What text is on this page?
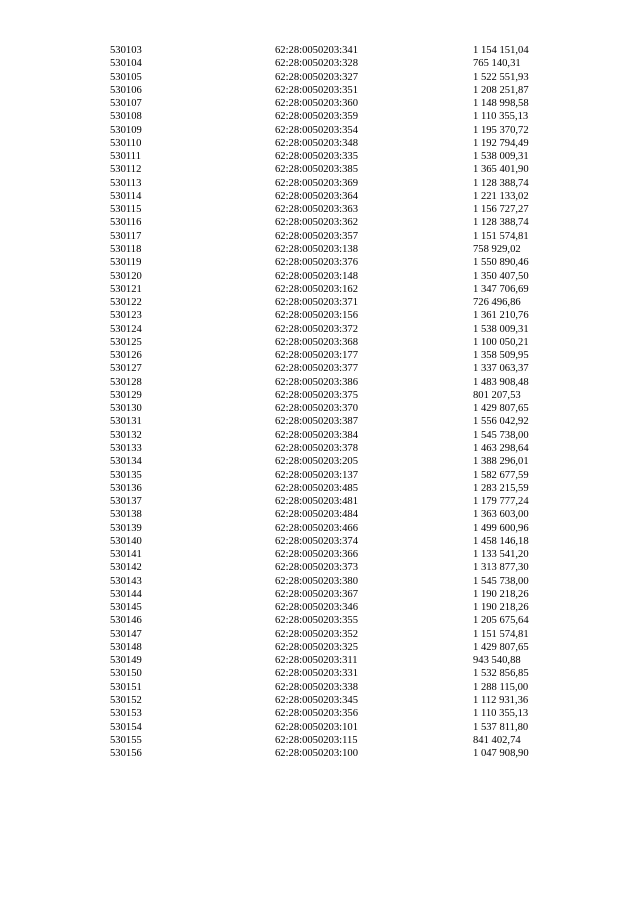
530103	62:28:0050203:341	1 154 151,04
530104	62:28:0050203:328	765 140,31
530105	62:28:0050203:327	1 522 551,93
530106	62:28:0050203:351	1 208 251,87
530107	62:28:0050203:360	1 148 998,58
530108	62:28:0050203:359	1 110 355,13
530109	62:28:0050203:354	1 195 370,72
530110	62:28:0050203:348	1 192 794,49
530111	62:28:0050203:335	1 538 009,31
530112	62:28:0050203:385	1 365 401,90
530113	62:28:0050203:369	1 128 388,74
530114	62:28:0050203:364	1 221 133,02
530115	62:28:0050203:363	1 156 727,27
530116	62:28:0050203:362	1 128 388,74
530117	62:28:0050203:357	1 151 574,81
530118	62:28:0050203:138	758 929,02
530119	62:28:0050203:376	1 550 890,46
530120	62:28:0050203:148	1 350 407,50
530121	62:28:0050203:162	1 347 706,69
530122	62:28:0050203:371	726 496,86
530123	62:28:0050203:156	1 361 210,76
530124	62:28:0050203:372	1 538 009,31
530125	62:28:0050203:368	1 100 050,21
530126	62:28:0050203:177	1 358 509,95
530127	62:28:0050203:377	1 337 063,37
530128	62:28:0050203:386	1 483 908,48
530129	62:28:0050203:375	801 207,53
530130	62:28:0050203:370	1 429 807,65
530131	62:28:0050203:387	1 556 042,92
530132	62:28:0050203:384	1 545 738,00
530133	62:28:0050203:378	1 463 298,64
530134	62:28:0050203:205	1 388 296,01
530135	62:28:0050203:137	1 582 677,59
530136	62:28:0050203:485	1 283 215,59
530137	62:28:0050203:481	1 179 777,24
530138	62:28:0050203:484	1 363 603,00
530139	62:28:0050203:466	1 499 600,96
530140	62:28:0050203:374	1 458 146,18
530141	62:28:0050203:366	1 133 541,20
530142	62:28:0050203:373	1 313 877,30
530143	62:28:0050203:380	1 545 738,00
530144	62:28:0050203:367	1 190 218,26
530145	62:28:0050203:346	1 190 218,26
530146	62:28:0050203:355	1 205 675,64
530147	62:28:0050203:352	1 151 574,81
530148	62:28:0050203:325	1 429 807,65
530149	62:28:0050203:311	943 540,88
530150	62:28:0050203:331	1 532 856,85
530151	62:28:0050203:338	1 288 115,00
530152	62:28:0050203:345	1 112 931,36
530153	62:28:0050203:356	1 110 355,13
530154	62:28:0050203:101	1 537 811,80
530155	62:28:0050203:115	841 402,74
530156	62:28:0050203:100	1 047 908,90
